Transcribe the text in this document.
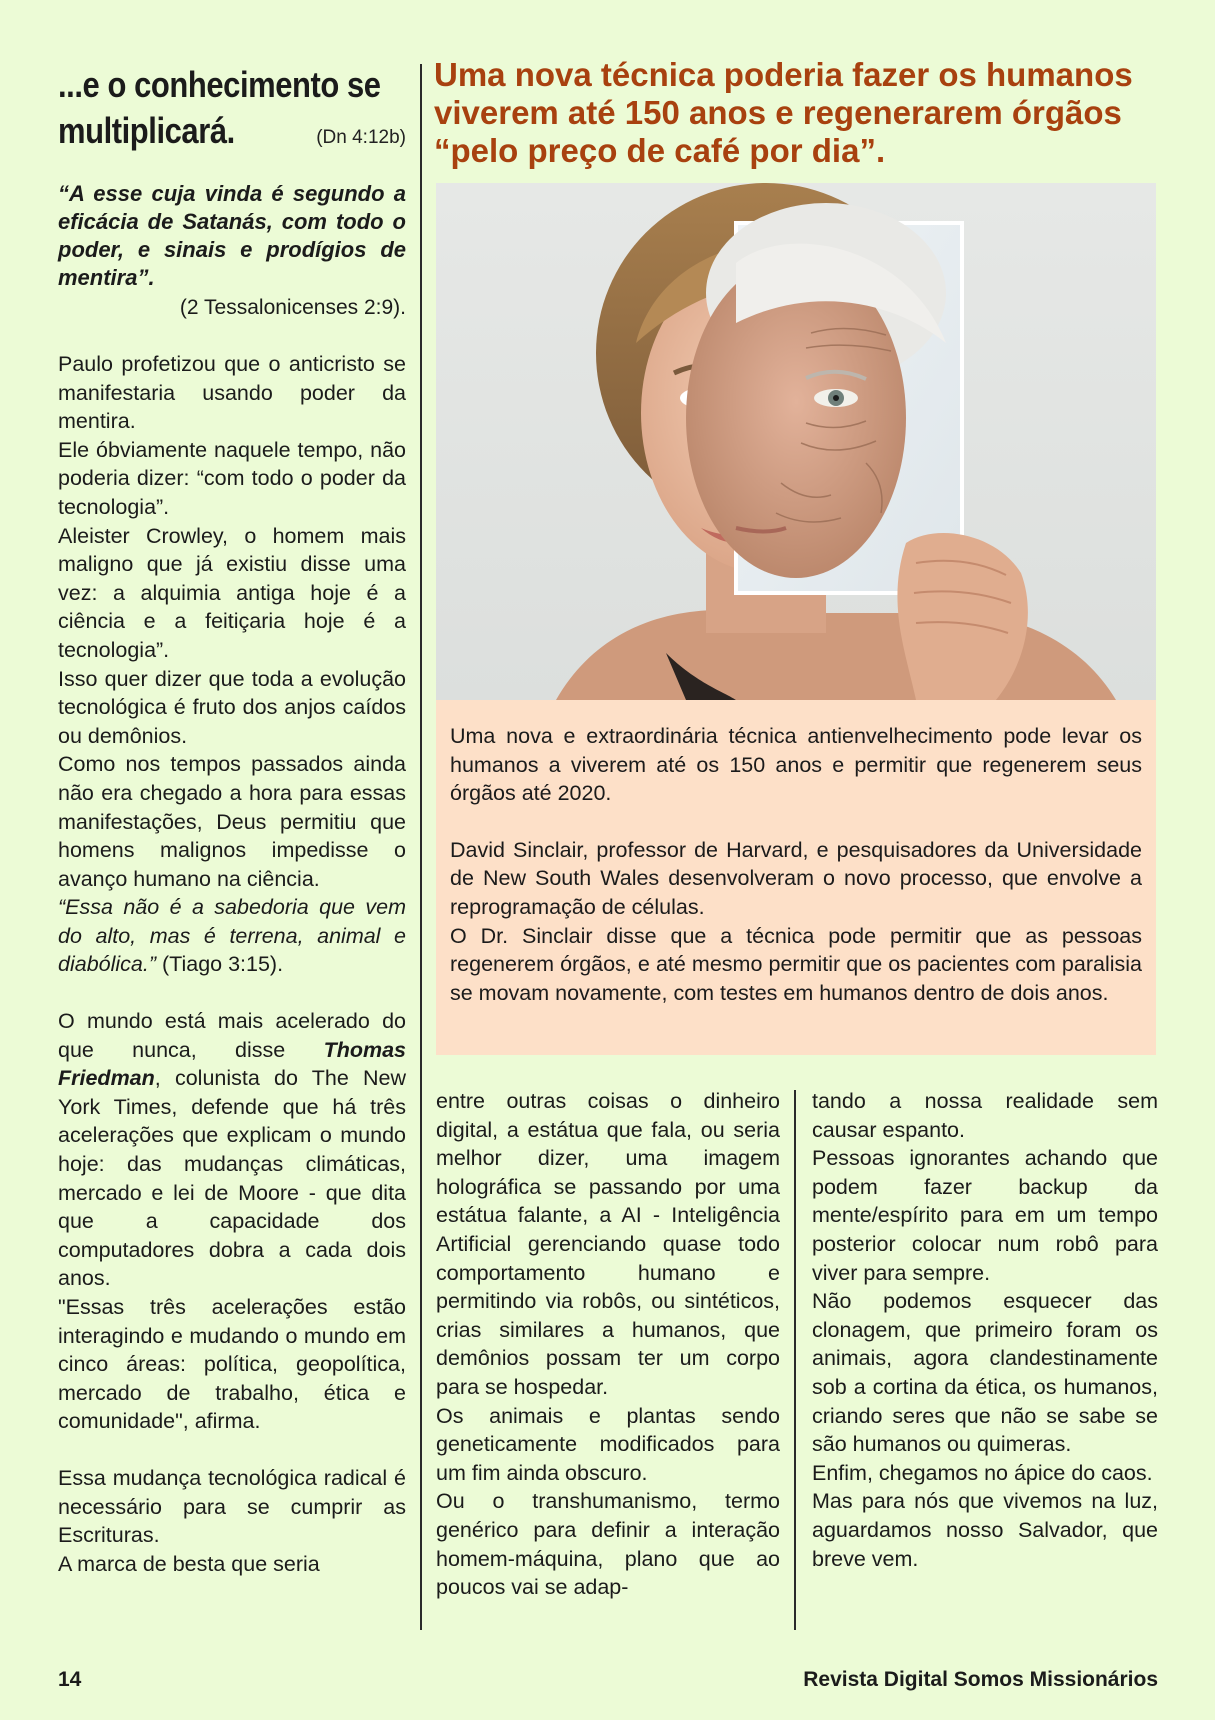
...e o conhecimento se
multiplicará.	(Dn 4:12b)
“A esse cuja vinda é segundo a eficácia de Satanás, com todo o poder, e sinais e prodígios de mentira”.
(2 Tessalonicenses 2:9).

Paulo profetizou que o anticristo se manifestaria usando poder da mentira.

Ele óbviamente naquele tempo, não poderia dizer: “com todo o poder da tecnologia”.

Aleister Crowley, o homem mais maligno que já existiu disse uma vez: a alquimia antiga hoje é a ciência e a feitiçaria hoje é a tecnologia”.

Isso quer dizer que toda a evolução tecnológica é fruto dos anjos caídos ou demônios.

Como nos tempos passados ainda não era chegado a hora para essas manifestações, Deus permitiu que homens malignos impedisse o avanço humano na ciência.

“Essa não é a sabedoria que vem do alto, mas é terrena, animal e diabólica.” (Tiago 3:15).

O mundo está mais acelerado do que nunca, disse Thomas Friedman, colunista do The New York Times, defende que há três acelerações que explicam o mundo hoje: das mudanças climáticas, mercado e lei de Moore - que dita que a capacidade dos computadores dobra a cada dois anos.

"Essas três acelerações estão interagindo e mudando o mundo em cinco áreas: política, geopolítica, mercado de trabalho, ética e comunidade", afirma.

Essa mudança tecnológica radical é necessário para se cumprir as Escrituras.

A marca de besta que seria

Uma nova técnica poderia fazer os humanos viverem até 150 anos e regenerarem órgãos “pelo preço de café por dia”.

Uma nova e extraordinária técnica antienvelhecimento pode levar os humanos a viverem até os 150 anos e permitir que regenerem seus órgãos até 2020.

David Sinclair, professor de Harvard, e pesquisadores da Universidade de New South Wales desenvolveram o novo processo, que envolve a reprogramação de células.

O Dr. Sinclair disse que a técnica pode permitir que as pessoas regenerem órgãos, e até mesmo permitir que os pacientes com paralisia se movam novamente, com testes em humanos dentro de dois anos.

entre outras coisas o dinheiro digital, a estátua que fala, ou seria melhor dizer, uma imagem holográfica se passando por uma estátua falante, a AI - Inteligência Artificial gerenciando quase todo comportamento humano e permitindo via robôs, ou sintéticos, crias similares a humanos, que demônios possam ter um corpo para se hospedar.

Os animais e plantas sendo geneticamente modificados para um fim ainda obscuro.

Ou o transhumanismo, termo genérico para definir a interação homem-máquina, plano que ao poucos vai se adap-

tando a nossa realidade sem causar espanto.

Pessoas ignorantes achando que podem fazer backup da mente/espírito para em um tempo posterior colocar num robô para viver para sempre.

Não podemos esquecer das clonagem, que primeiro foram os animais, agora clandestinamente sob a cortina da ética, os humanos, criando seres que não se sabe se são humanos ou quimeras.

Enfim, chegamos no ápice do caos.

Mas para nós que vivemos na luz, aguardamos nosso Salvador, que breve vem.

14	Revista Digital Somos Missionários
